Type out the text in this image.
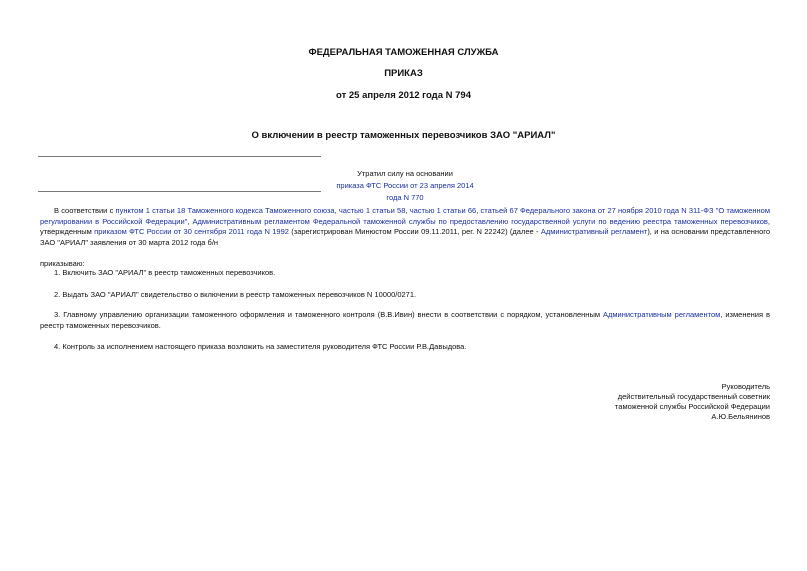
ФЕДЕРАЛЬНАЯ ТАМОЖЕННАЯ СЛУЖБА
ПРИКАЗ
от 25 апреля 2012 года N 794
О включении в реестр таможенных перевозчиков ЗАО "АРИАЛ"
Утратил силу на основании
приказа ФТС России от 23 апреля 2014 года N 770
В соответствии с пунктом 1 статьи 18 Таможенного кодекса Таможенного союза, частью 1 статьи 58, частью 1 статьи 66, статьей 67 Федерального закона от 27 ноября 2010 года N 311-ФЗ "О таможенном регулировании в Российской Федерации", Административным регламентом Федеральной таможенной службы по предоставлению государственной услуги по ведению реестра таможенных перевозчиков, утвержденным приказом ФТС России от 30 сентября 2011 года N 1992 (зарегистрирован Минюстом России 09.11.2011, рег. N 22242) (далее - Административный регламент), и на основании представленного ЗАО "АРИАЛ" заявления от 30 марта 2012 года б/н
приказываю:
1. Включить ЗАО "АРИАЛ" в реестр таможенных перевозчиков.
2. Выдать ЗАО "АРИАЛ" свидетельство о включении в реестр таможенных перевозчиков N 10000/0271.
3. Главному управлению организации таможенного оформления и таможенного контроля (В.В.Ивин) внести в соответствии с порядком, установленным Административным регламентом, изменения в реестр таможенных перевозчиков.
4. Контроль за исполнением настоящего приказа возложить на заместителя руководителя ФТС России Р.В.Давыдова.
Руководитель
действительный государственный советник
таможенной службы Российской Федерации
А.Ю.Бельянинов
